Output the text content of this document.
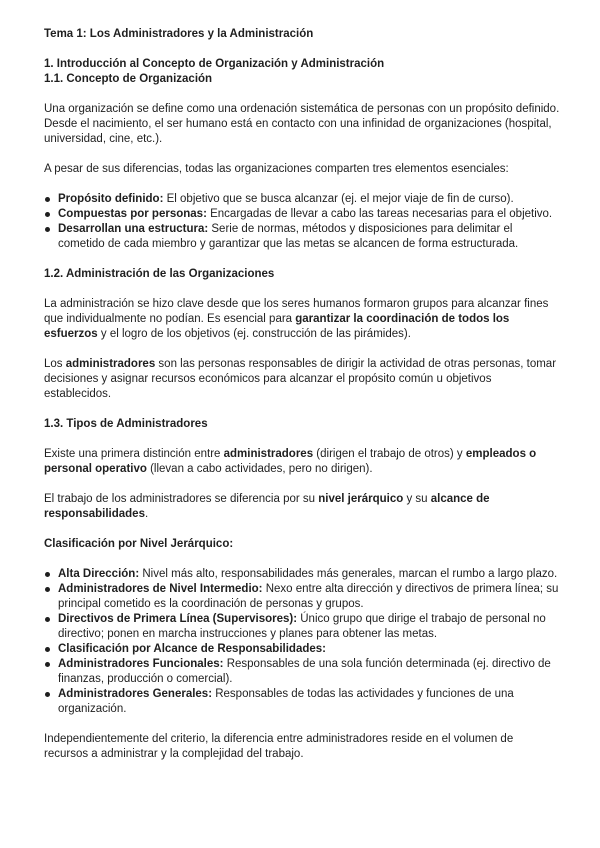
Tema 1: Los Administradores y la Administración

1. Introducción al Concepto de Organización y Administración

1.1. Concepto de Organización

Una organización se define como una ordenación sistemática de personas con un propósito definido. Desde el nacimiento, el ser humano está en contacto con una infinidad de organizaciones (hospital, universidad, cine, etc.).

A pesar de sus diferencias, todas las organizaciones comparten tres elementos esenciales:

Propósito definido: El objetivo que se busca alcanzar (ej. el mejor viaje de fin de curso).
Compuestas por personas: Encargadas de llevar a cabo las tareas necesarias para el objetivo.
Desarrollan una estructura: Serie de normas, métodos y disposiciones para delimitar el cometido de cada miembro y garantizar que las metas se alcancen de forma estructurada.

1.2. Administración de las Organizaciones

La administración se hizo clave desde que los seres humanos formaron grupos para alcanzar fines que individualmente no podían. Es esencial para garantizar la coordinación de todos los esfuerzos y el logro de los objetivos (ej. construcción de las pirámides).

Los administradores son las personas responsables de dirigir la actividad de otras personas, tomar decisiones y asignar recursos económicos para alcanzar el propósito común u objetivos establecidos.

1.3. Tipos de Administradores

Existe una primera distinción entre administradores (dirigen el trabajo de otros) y empleados o personal operativo (llevan a cabo actividades, pero no dirigen).

El trabajo de los administradores se diferencia por su nivel jerárquico y su alcance de responsabilidades.

Clasificación por Nivel Jerárquico:

Alta Dirección: Nivel más alto, responsabilidades más generales, marcan el rumbo a largo plazo.
Administradores de Nivel Intermedio: Nexo entre alta dirección y directivos de primera línea; su principal cometido es la coordinación de personas y grupos.
Directivos de Primera Línea (Supervisores): Único grupo que dirige el trabajo de personal no directivo; ponen en marcha instrucciones y planes para obtener las metas.
Clasificación por Alcance de Responsabilidades:
Administradores Funcionales: Responsables de una sola función determinada (ej. directivo de finanzas, producción o comercial).
Administradores Generales: Responsables de todas las actividades y funciones de una organización.

Independientemente del criterio, la diferencia entre administradores reside en el volumen de recursos a administrar y la complejidad del trabajo.
